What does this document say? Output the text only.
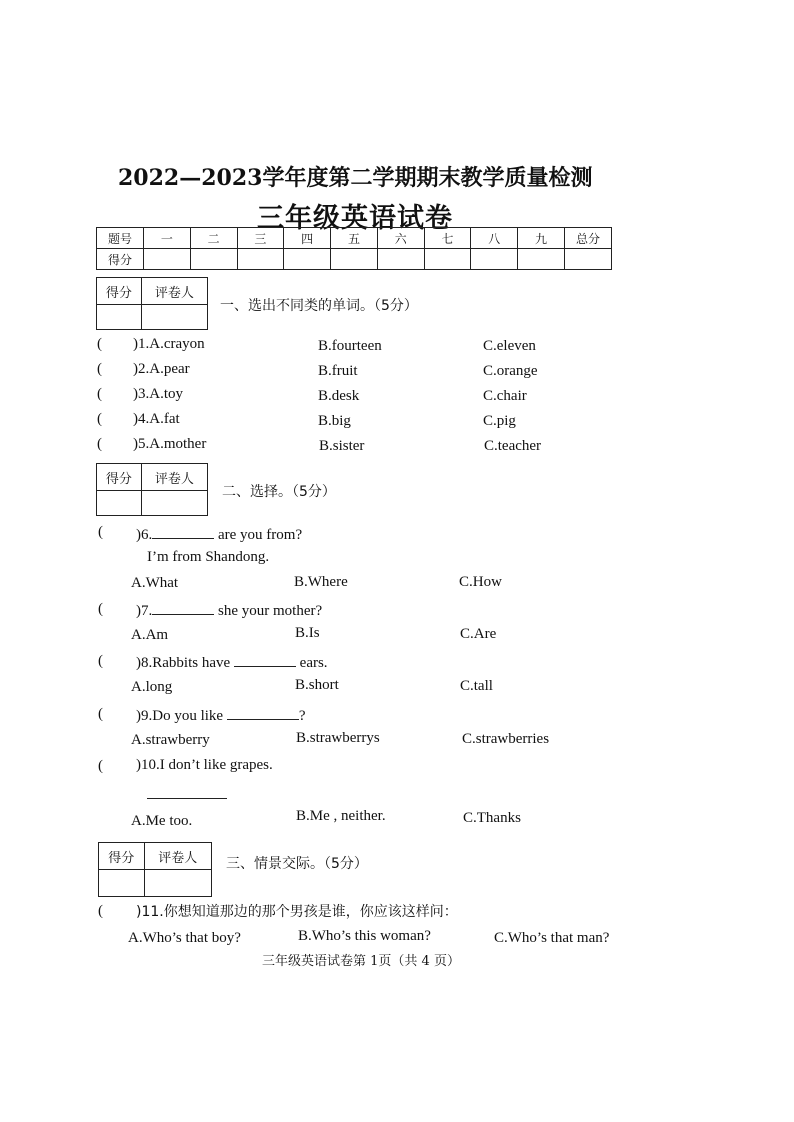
2022—2023学年度第二学期期末教学质量检测
三年级英语试卷
题号	一	二	三	四	五	六	七	八	九	总分
得分										
得分	评卷人

一、选出不同类的单词。（5分）
( )1.A.crayon	B.fourteen	C.eleven
( )2.A.pear	B.fruit	C.orange
( )3.A.toy	B.desk	C.chair
( )4.A.fat	B.big	C.pig
( )5.A.mother	B.sister	C.teacher
得分	评卷人

二、选择。（5分）
( )6.	are you from?
I’m from Shandong.
A.What	B.Where	C.How
( )7.	she your mother?
A.Am	B.Is	C.Are
( )8.Rabbits have	ears.
A.long	B.short	C.tall
( )9.Do you like	?
A.strawberry	B.strawberrys	C.strawberries
( )10.I don’t like grapes.
A.Me too.	B.Me , neither.	C.Thanks
得分	评卷人
	三、情景交际。（5分）
( )11.你想知道那边的那个男孩是谁，你应该这样问：
A.Who’s that boy?	B.Who’s this woman?	C.Who’s that man?
三年级英语试卷第 1页（共 4 页）
